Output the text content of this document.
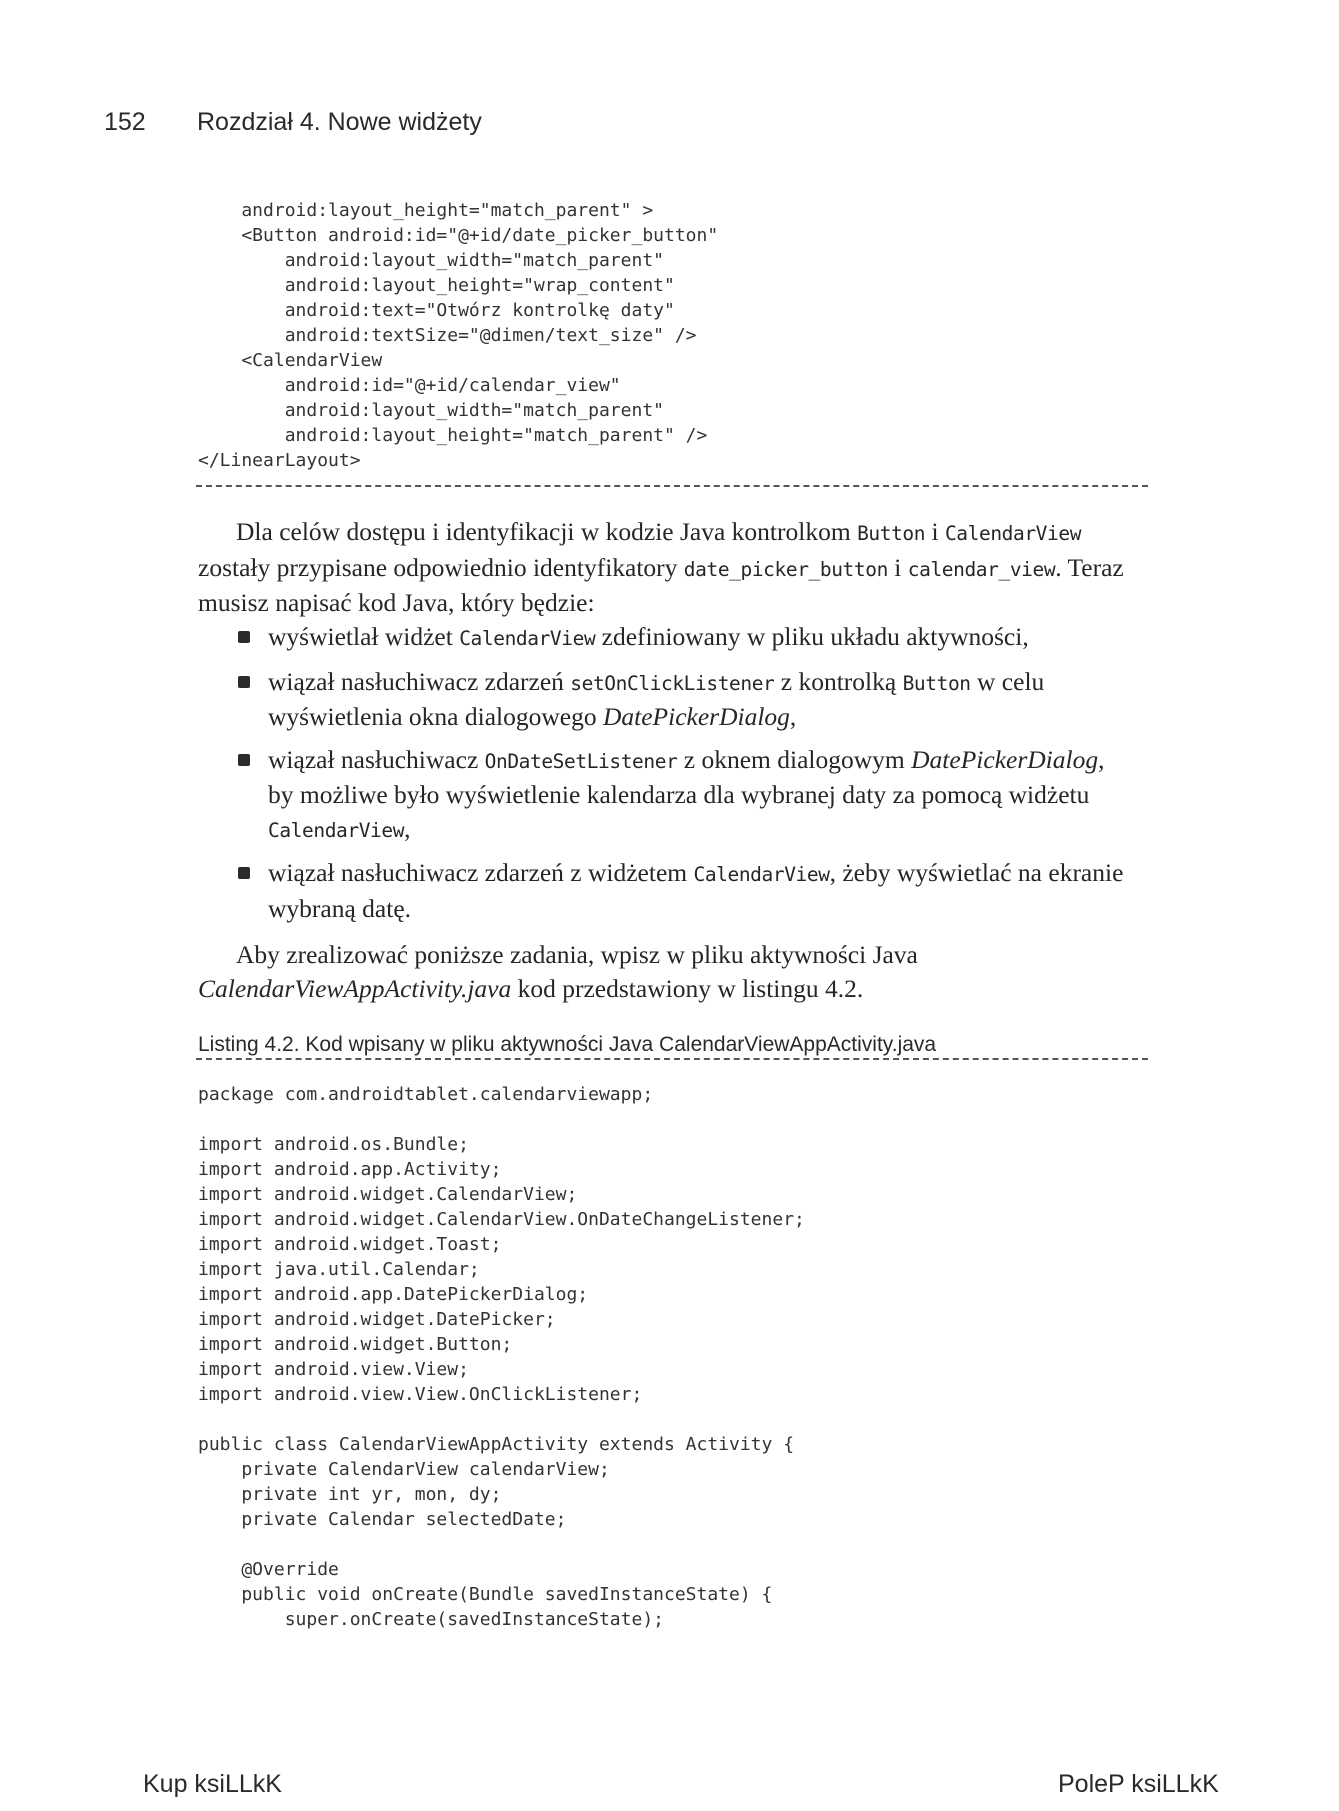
152 Rozdział 4. Nowe widżety
android:layout_height="match_parent" >
<Button android:id="@+id/date_picker_button"
android:layout_width="match_parent"
android:layout_height="wrap_content"
android:text="Otwórz kontrolkę daty"
android:textSize="@dimen/text_size" />
<CalendarView
android:id="@+id/calendar_view"
android:layout_width="match_parent"
android:layout_height="match_parent" />
</LinearLayout>
Dla celów dostępu i identyfikacji w kodzie Java kontrolkom Button i CalendarView zostały przypisane odpowiednio identyfikatory date_picker_button i calendar_view. Teraz musisz napisać kod Java, który będzie:
wyświetlał widżet CalendarView zdefiniowany w pliku układu aktywności,
wiązał nasłuchiwacz zdarzeń setOnClickListener z kontrolką Button w celu wyświetlenia okna dialogowego DatePickerDialog,
wiązał nasłuchiwacz OnDateSetListener z oknem dialogowym DatePickerDialog, by możliwe było wyświetlenie kalendarza dla wybranej daty za pomocą widżetu CalendarView,
wiązał nasłuchiwacz zdarzeń z widżetem CalendarView, żeby wyświetlać na ekranie wybraną datę.
Aby zrealizować poniższe zadania, wpisz w pliku aktywności Java CalendarViewAppActivity.java kod przedstawiony w listingu 4.2.
Listing 4.2. Kod wpisany w pliku aktywności Java CalendarViewAppActivity.java
package com.androidtablet.calendarviewapp;

import android.os.Bundle;
import android.app.Activity;
import android.widget.CalendarView;
import android.widget.CalendarView.OnDateChangeListener;
import android.widget.Toast;
import java.util.Calendar;
import android.app.DatePickerDialog;
import android.widget.DatePicker;
import android.widget.Button;
import android.view.View;
import android.view.View.OnClickListener;

public class CalendarViewAppActivity extends Activity {
private CalendarView calendarView;
private int yr, mon, dy;
private Calendar selectedDate;

@Override
public void onCreate(Bundle savedInstanceState) {
super.onCreate(savedInstanceState);
Kup ksiLLkK	PoleP ksiLLkK
